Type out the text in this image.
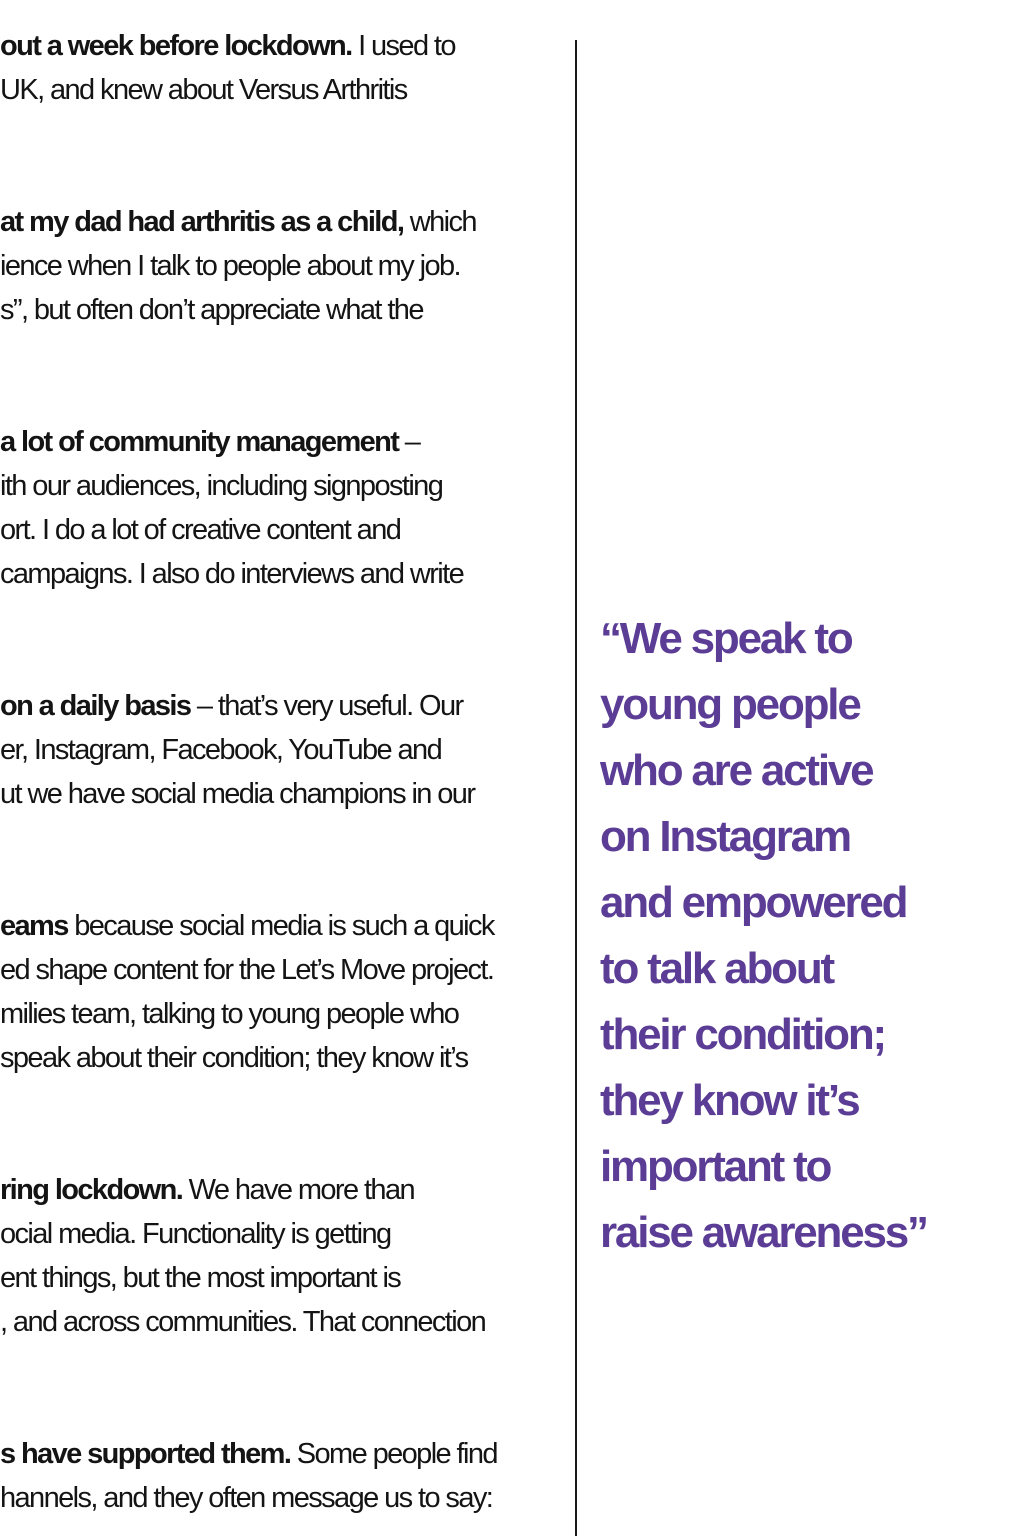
out a week before lockdown. I used to
UK, and knew about Versus Arthritis
at my dad had arthritis as a child, which
ience when I talk to people about my job.
s”, but often don’t appreciate what the
a lot of community management –
ith our audiences, including signposting
ort. I do a lot of creative content and
campaigns. I also do interviews and write
on a daily basis – that’s very useful. Our
er, Instagram, Facebook, YouTube and
ut we have social media champions in our
eams because social media is such a quick
ed shape content for the Let’s Move project.
milies team, talking to young people who
speak about their condition; they know it’s
ring lockdown. We have more than
ocial media. Functionality is getting
ent things, but the most important is
, and across communities. That connection
s have supported them. Some people find
hannels, and they often message us to say:
“We speak to
young people
who are active
on Instagram
and empowered
to talk about
their condition;
they know it’s
important to
raise awareness”
